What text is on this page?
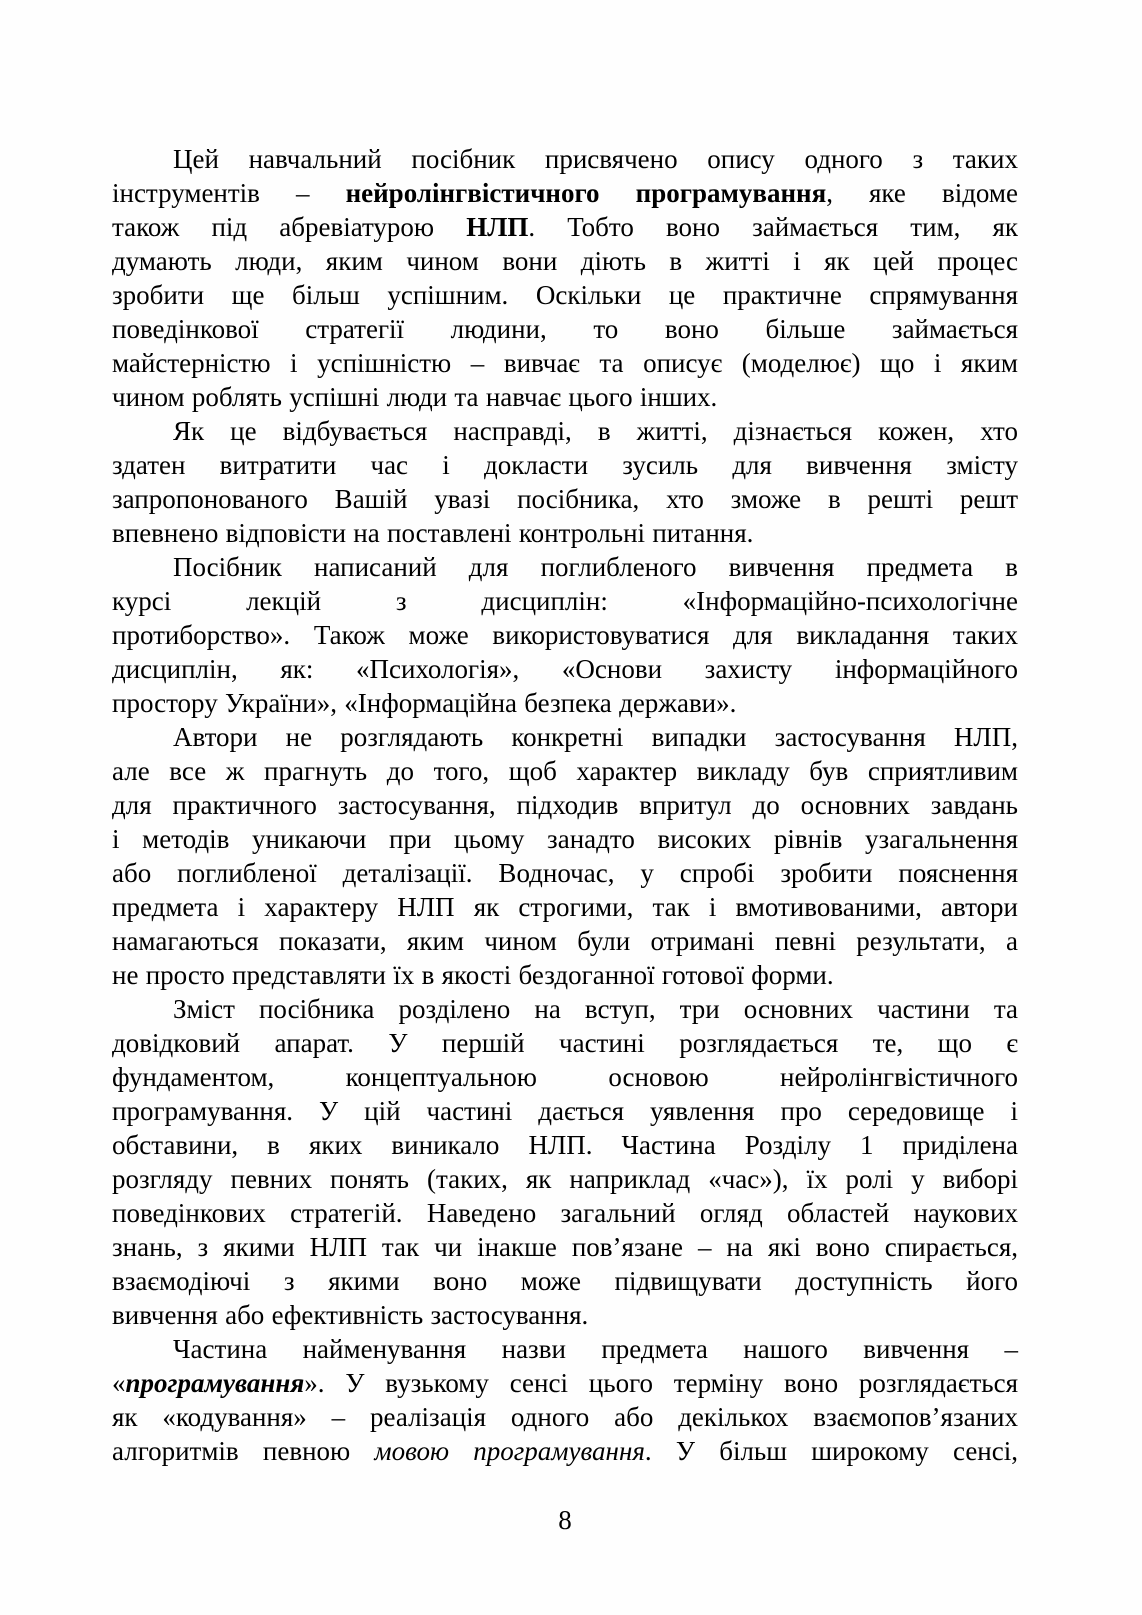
Цей навчальний посібник присвячено опису одного з таких
інструментів – нейролінгвістичного програмування, яке відоме
також під абревіатурою НЛП. Тобто воно займається тим, як
думають люди, яким чином вони діють в житті і як цей процес
зробити ще більш успішним. Оскільки це практичне спрямування
поведінкової стратегії людини, то воно більше займається
майстерністю і успішністю – вивчає та описує (моделює) що і яким
чином роблять успішні люди та навчає цього інших.
Як це відбувається насправді, в житті, дізнається кожен, хто
здатен витратити час і докласти зусиль для вивчення змісту
запропонованого Вашій увазі посібника, хто зможе в решті решт
впевнено відповісти на поставлені контрольні питання.
Посібник написаний для поглибленого вивчення предмета в
курсі лекцій з дисциплін: «Інформаційно-психологічне
протиборство». Також може використовуватися для викладання таких
дисциплін, як: «Психологія», «Основи захисту інформаційного
простору України», «Інформаційна безпека держави».
Автори не розглядають конкретні випадки застосування НЛП,
але все ж прагнуть до того, щоб характер викладу був сприятливим
для практичного застосування, підходив впритул до основних завдань
і методів уникаючи при цьому занадто високих рівнів узагальнення
або поглибленої деталізації. Водночас, у спробі зробити пояснення
предмета і характеру НЛП як строгими, так і вмотивованими, автори
намагаються показати, яким чином були отримані певні результати, а
не просто представляти їх в якості бездоганної готової форми.
Зміст посібника розділено на вступ, три основних частини та
довідковий апарат. У першій частині розглядається те, що є
фундаментом, концептуальною основою нейролінгвістичного
програмування. У цій частині дається уявлення про середовище і
обставини, в яких виникало НЛП. Частина Розділу 1 приділена
розгляду певних понять (таких, як наприклад «час»), їх ролі у виборі
поведінкових стратегій. Наведено загальний огляд областей наукових
знань, з якими НЛП так чи інакше пов’язане – на які воно спирається,
взаємодіючі з якими воно може підвищувати доступність його
вивчення або ефективність застосування.
Частина найменування назви предмета нашого вивчення –
«програмування». У вузькому сенсі цього терміну воно розглядається
як «кодування» – реалізація одного або декількох взаємопов’язаних
алгоритмів певною мовою програмування. У більш широкому сенсі,
8
